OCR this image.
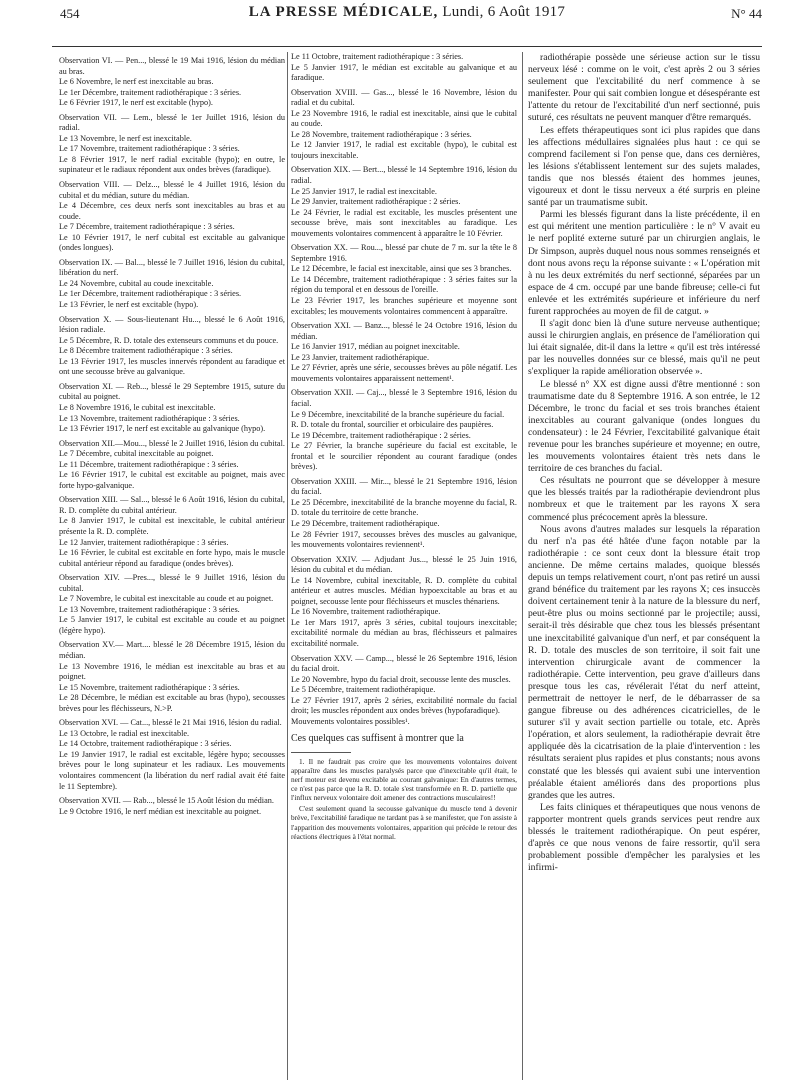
454	LA PRESSE MÉDICALE, Lundi, 6 Août 1917	N° 44

Observation VI. — Pen..., blessé le 19 Mai 1916, lésion du médian au bras.

Le 6 Novembre, le nerf est inexcitable au bras.

Le 1er Décembre, traitement radiothérapique : 3 séries.

Le 6 Février 1917, le nerf est excitable (hypo).

Observation VII. — Lem., blessé le 1er Juillet 1916, lésion du radial.

Le 13 Novembre, le nerf est inexcitable.

Le 17 Novembre, traitement radiothérapique : 3 séries.

Le 8 Février 1917, le nerf radial excitable (hypo); en outre, le supinateur et le radiaux répondent aux ondes brèves (faradique).

Observation VIII. — Delz..., blessé le 4 Juillet 1916, lésion du cubital et du médian, suture du médian.

Le 4 Décembre, ces deux nerfs sont inexcitables au bras et au coude.

Le 7 Décembre, traitement radiothérapique : 3 séries.

Le 10 Février 1917, le nerf cubital est excitable au galvanique (ondes longues).

Observation IX. — Bal..., blessé le 7 Juillet 1916, lésion du cubital, libération du nerf.

Le 24 Novembre, cubital au coude inexcitable.

Le 1er Décembre, traitement radiothérapique : 3 séries.

Le 13 Février, le nerf est excitable (hypo).

Observation X. — Sous-lieutenant Hu..., blessé le 6 Août 1916, lésion radiale.

Le 5 Décembre, R. D. totale des extenseurs communs et du pouce.

Le 8 Décembre traitement radiothérapique : 3 séries.

Le 13 Février 1917, les muscles innervés répondent au faradique et ont une secousse brève au galvanique.

Observation XI. — Reb..., blessé le 29 Septembre 1915, suture du cubital au poignet.

Le 8 Novembre 1916, le cubital est inexcitable.

Le 13 Novembre, traitement radiothérapique : 3 séries.

Le 13 Février 1917, le nerf est excitable au galvanique (hypo).

Observation XII.—Mou..., blessé le 2 Juillet 1916, lésion du cubital.

Le 7 Décembre, cubital inexcitable au poignet.

Le 11 Décembre, traitement radiothérapique : 3 séries.

Le 16 Février 1917, le cubital est excitable au poignet, mais avec forte hypo-galvanique.

Observation XIII. — Sal..., blessé le 6 Août 1916, lésion du cubital, R. D. complète du cubital antérieur.

Le 8 Janvier 1917, le cubital est inexcitable, le cubital antérieur présente la R. D. complète.

Le 12 Janvier, traitement radiothérapique : 3 séries.

Le 16 Février, le cubital est excitable en forte hypo, mais le muscle cubital antérieur répond au faradique (ondes brèves).

Observation XIV. —Pres..., blessé le 9 Juillet 1916, lésion du cubital.

Le 7 Novembre, le cubital est inexcitable au coude et au poignet.

Le 13 Novembre, traitement radiothérapique : 3 séries.

Le 5 Janvier 1917, le cubital est excitable au coude et au poignet (légère hypo).

Observation XV.— Mart.... blessé le 28 Décembre 1915, lésion du médian.

Le 13 Novembre 1916, le médian est inexcitable au bras et au poignet.

Le 15 Novembre, traitement radiothérapique : 3 séries.

Le 28 Décembre, le médian est excitable au bras (hypo), secousses brèves pour les fléchisseurs, N.>P.

Observation XVI. — Cat..., blessé le 21 Mai 1916, lésion du radial.

Le 13 Octobre, le radial est inexcitable.

Le 14 Octobre, traitement radiothérapique : 3 séries.

Le 19 Janvier 1917, le radial est excitable, légère hypo; secousses brèves pour le long supinateur et les radiaux. Les mouvements volontaires commencent (la libération du nerf radial avait été faite le 11 Septembre).

Observation XVII. — Rab..., blessé le 15 Août lésion du médian.

Le 9 Octobre 1916, le nerf médian est inexcitable au poignet.

Le 11 Octobre, traitement radiothérapique : 3 séries.

Le 5 Janvier 1917, le médian est excitable au galvanique et au faradique.

Observation XVIII. — Gas..., blessé le 16 Novembre, lésion du radial et du cubital.

Le 23 Novembre 1916, le radial est inexcitable, ainsi que le cubital au coude.

Le 28 Novembre, traitement radiothérapique : 3 séries.

Le 12 Janvier 1917, le radial est excitable (hypo), le cubital est toujours inexcitable.

Observation XIX. — Bert..., blessé le 14 Septembre 1916, lésion du radial.

Le 25 Janvier 1917, le radial est inexcitable.

Le 29 Janvier, traitement radiothérapique : 2 séries.

Le 24 Février, le radial est excitable, les muscles présentent une secousse brève, mais sont inexcitables au faradique. Les mouvements volontaires commencent à apparaître le 10 Février.

Observation XX. — Rou..., blessé par chute de 7 m. sur la tête le 8 Septembre 1916.

Le 12 Décembre, le facial est inexcitable, ainsi que ses 3 branches.

Le 14 Décembre, traitement radiothérapique : 3 séries faites sur la région du temporal et en dessous de l'oreille.

Le 23 Février 1917, les branches supérieure et moyenne sont excitables; les mouvements volontaires commencent à apparaître.

Observation XXI. — Banz..., blessé le 24 Octobre 1916, lésion du médian.

Le 16 Janvier 1917, médian au poignet inexcitable.

Le 23 Janvier, traitement radiothérapique.

Le 27 Février, après une série, secousses brèves au pôle négatif. Les mouvements volontaires apparaissent nettement¹.

Observation XXII. — Caj..., blessé le 3 Septembre 1916, lésion du facial.

Le 9 Décembre, inexcitabilité de la branche supérieure du facial.

R. D. totale du frontal, sourcilier et orbiculaire des paupières.

Le 19 Décembre, traitement radiothérapique : 2 séries.

Le 27 Février, la branche supérieure du facial est excitable, le frontal et le sourcilier répondent au courant faradique (ondes brèves).

Observation XXIII. — Mir..., blessé le 21 Septembre 1916, lésion du facial.

Le 25 Décembre, inexcitabilité de la branche moyenne du facial, R. D. totale du territoire de cette branche.

Le 29 Décembre, traitement radiothérapique.

Le 28 Février 1917, secousses brèves des muscles au galvanique, les mouvements volontaires reviennent¹.

Observation XXIV. — Adjudant Jus..., blessé le 25 Juin 1916, lésion du cubital et du médian.

Le 14 Novembre, cubital inexcitable, R. D. complète du cubital antérieur et autres muscles. Médian hypoexcitable au bras et au poignet, secousse lente pour fléchisseurs et muscles thénariens.

Le 16 Novembre, traitement radiothérapique.

Le 1er Mars 1917, après 3 séries, cubital toujours inexcitable; excitabilité normale du médian au bras, fléchisseurs et palmaires excitabilité normale.

Observation XXV. — Camp..., blessé le 26 Septembre 1916, lésion du facial droit.

Le 20 Novembre, hypo du facial droit, secousse lente des muscles.

Le 5 Décembre, traitement radiothérapique.

Le 27 Février 1917, après 2 séries, excitabilité normale du facial droit; les muscles répondent aux ondes brèves (hypofaradique).

Mouvements volontaires possibles¹.

Ces quelques cas suffisent à montrer que la

1. Il ne faudrait pas croire que les mouvements volontaires doivent apparaître dans les muscles paralysés parce que d'inexcitable qu'il était, le nerf moteur est devenu excitable au courant galvanique: En d'autres termes, ce n'est pas parce que la R. D. totale s'est transformée en R. D. partielle que l'influx nerveux volontaire doit amener des contractions musculaires!!

C'est seulement quand la secousse galvanique du muscle tend à devenir brève, l'excitabilité faradique ne tardant pas à se manifester, que l'on assiste à l'apparition des mouvements volontaires, apparition qui précède le retour des réactions électriques à l'état normal.

radiothérapie possède une sérieuse action sur le tissu nerveux lésé : comme on le voit, c'est après 2 ou 3 séries seulement que l'excitabilité du nerf commence à se manifester. Pour qui sait combien longue et désespérante est l'attente du retour de l'excitabilité d'un nerf sectionné, puis suturé, ces résultats ne peuvent manquer d'être remarqués.

Les effets thérapeutiques sont ici plus rapides que dans les affections médullaires signalées plus haut : ce qui se comprend facilement si l'on pense que, dans ces dernières, les lésions s'établissent lentement sur des sujets malades, tandis que nos blessés étaient des hommes jeunes, vigoureux et dont le tissu nerveux a été surpris en pleine santé par un traumatisme subit.

Parmi les blessés figurant dans la liste précédente, il en est qui méritent une mention particulière : le n° V avait eu le nerf poplité externe suturé par un chirurgien anglais, le Dr Simpson, auprès duquel nous nous sommes renseignés et dont nous avons reçu la réponse suivante : « L'opération mit à nu les deux extrémités du nerf sectionné, séparées par un espace de 4 cm. occupé par une bande fibreuse; celle-ci fut enlevée et les extrémités supérieure et inférieure du nerf furent rapprochées au moyen de fil de catgut. »

Il s'agit donc bien là d'une suture nerveuse authentique; aussi le chirurgien anglais, en présence de l'amélioration qui lui était signalée, dit-il dans la lettre « qu'il est très intéressé par les nouvelles données sur ce blessé, mais qu'il ne peut s'expliquer la rapide amélioration observée ».

Le blessé n° XX est digne aussi d'être mentionné : son traumatisme date du 8 Septembre 1916. A son entrée, le 12 Décembre, le tronc du facial et ses trois branches étaient inexcitables au courant galvanique (ondes longues du condensateur) : le 24 Février, l'excitabilité galvanique était revenue pour les branches supérieure et moyenne; en outre, les mouvements volontaires étaient très nets dans le territoire de ces branches du facial.

Ces résultats ne pourront que se développer à mesure que les blessés traités par la radiothérapie deviendront plus nombreux et que le traitement par les rayons X sera commencé plus précocement après la blessure.

Nous avons d'autres malades sur lesquels la réparation du nerf n'a pas été hâtée d'une façon notable par la radiothérapie : ce sont ceux dont la blessure était trop ancienne. De même certains malades, quoique blessés depuis un temps relativement court, n'ont pas retiré un aussi grand bénéfice du traitement par les rayons X; ces insuccès doivent certainement tenir à la nature de la blessure du nerf, peut-être plus ou moins sectionné par le projectile; aussi, serait-il très désirable que chez tous les blessés présentant une inexcitabilité galvanique d'un nerf, et par conséquent la R. D. totale des muscles de son territoire, il soit fait une intervention chirurgicale avant de commencer la radiothérapie. Cette intervention, peu grave d'ailleurs dans presque tous les cas, révélerait l'état du nerf atteint, permettrait de nettoyer le nerf, de le débarrasser de sa gangue fibreuse ou des adhérences cicatricielles, de le suturer s'il y avait section partielle ou totale, etc. Après l'opération, et alors seulement, la radiothérapie devrait être appliquée dès la cicatrisation de la plaie d'intervention : les résultats seraient plus rapides et plus constants; nous avons constaté que les blessés qui avaient subi une intervention préalable étaient améliorés dans des proportions plus grandes que les autres.

Les faits cliniques et thérapeutiques que nous venons de rapporter montrent quels grands services peut rendre aux blessés le traitement radiothérapique. On peut espérer, d'après ce que nous venons de faire ressortir, qu'il sera probablement possible d'empêcher les paralysies et les infirmi-
